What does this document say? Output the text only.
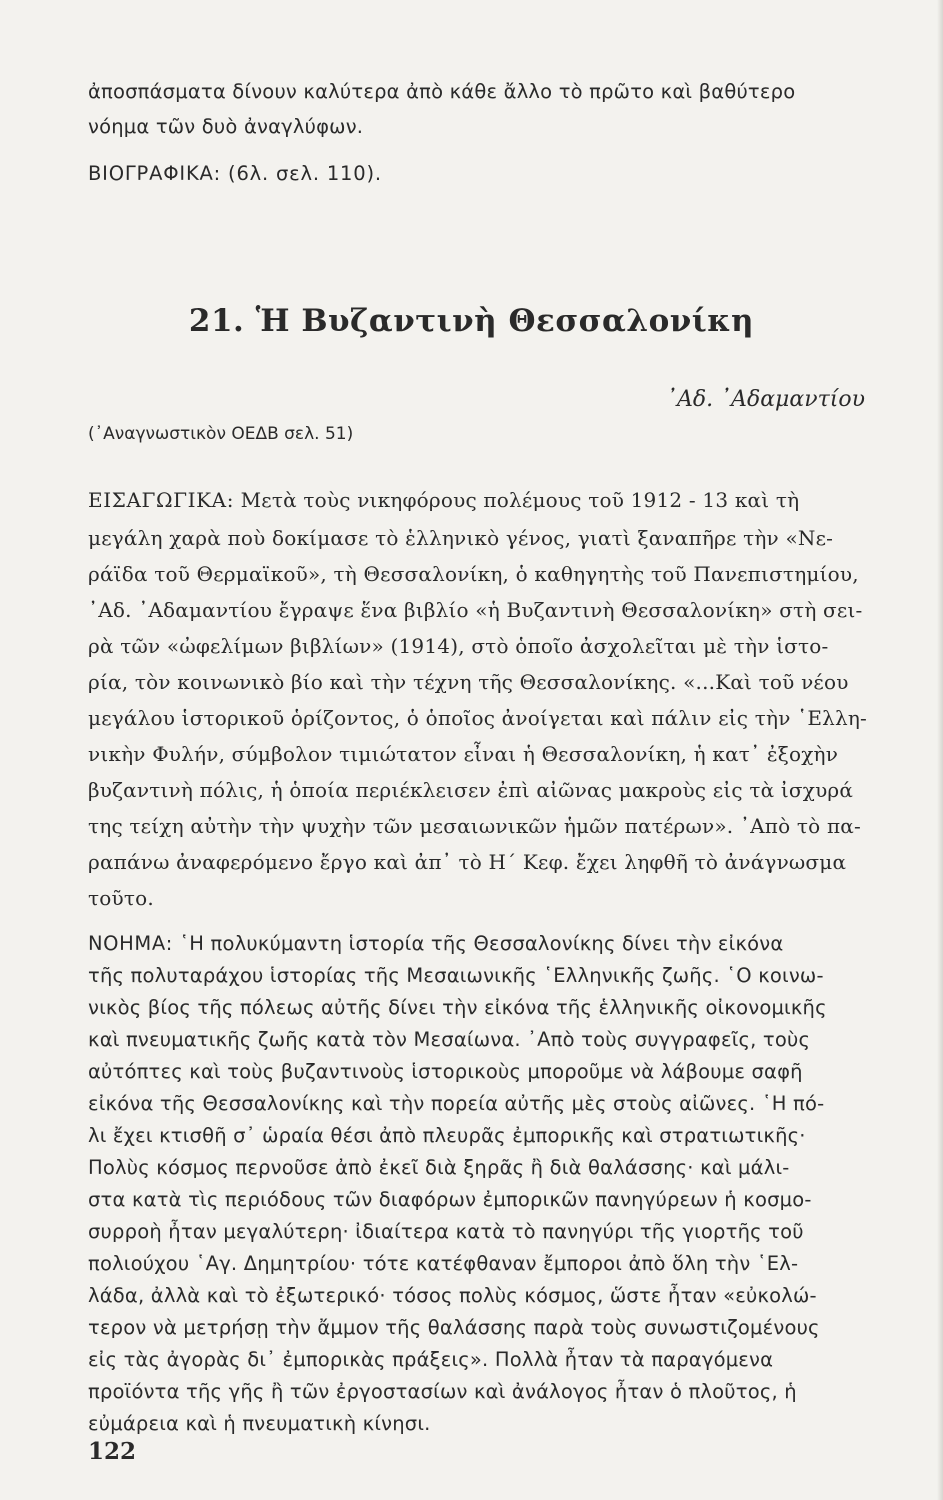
ἀποσπάσματα δίνουν καλύτερα ἀπὸ κάθε ἄλλο τὸ πρῶτο καὶ βαθύτερο
νόημα τῶν δυὸ ἀναγλύφων.
ΒΙΟΓΡΑΦΙΚΑ: (6λ. σελ. 110).
21. Ἡ Βυζαντινὴ Θεσσαλονίκη
᾿Αδ. ᾿Αδαμαντίου
(᾿Αναγνωστικὸν ΟΕΔΒ σελ. 51)
ΕΙΣΑΓΩΓΙΚΑ: Μετὰ τοὺς νικηφόρους πολέμους τοῦ 1912 - 13 καὶ τὴ
μεγάλη χαρὰ ποὺ δοκίμασε τὸ ἑλληνικὸ γένος, γιατὶ ξαναπῆρε τὴν «Νε-
ράϊδα τοῦ Θερμαϊκοῦ», τὴ Θεσσαλονίκη, ὁ καθηγητὴς τοῦ Πανεπιστημίου,
᾿Αδ. ᾿Αδαμαντίου ἔγραψε ἕνα βιβλίο «ἡ Βυζαντινὴ Θεσσαλονίκη» στὴ σει-
ρὰ τῶν «ὠφελίμων βιβλίων» (1914), στὸ ὁποῖο ἀσχολεῖται μὲ τὴν ἱστο-
ρία, τὸν κοινωνικὸ βίο καὶ τὴν τέχνη τῆς Θεσσαλονίκης. «...Καὶ τοῦ νέου
μεγάλου ἱστορικοῦ ὁρίζοντος, ὁ ὁποῖος ἀνοίγεται καὶ πάλιν εἰς τὴν ῾Ελλη-
νικὴν Φυλήν, σύμβολον τιμιώτατον εἶναι ἡ Θεσσαλονίκη, ἡ κατ᾿ ἐξοχὴν
βυζαντινὴ πόλις, ἡ ὁποία περιέκλεισεν ἐπὶ αἰῶνας μακροὺς εἰς τὰ ἰσχυρά
της τείχη αὐτὴν τὴν ψυχὴν τῶν μεσαιωνικῶν ἡμῶν πατέρων». ᾿Απὸ τὸ πα-
ραπάνω ἀναφερόμενο ἔργο καὶ ἀπ᾿ τὸ Η΄ Κεφ. ἔχει ληφθῆ τὸ ἀνάγνωσμα
τοῦτο.
ΝΟΗΜΑ: ῾Η πολυκύμαντη ἱστορία τῆς Θεσσαλονίκης δίνει τὴν εἰκόνα
τῆς πολυταράχου ἱστορίας τῆς Μεσαιωνικῆς ῾Ελληνικῆς ζωῆς. ῾Ο κοινω-
νικὸς βίος τῆς πόλεως αὐτῆς δίνει τὴν εἰκόνα τῆς ἑλληνικῆς οἰκονομικῆς
καὶ πνευματικῆς ζωῆς κατὰ τὸν Μεσαίωνα. ᾿Απὸ τοὺς συγγραφεῖς, τοὺς
αὐτόπτες καὶ τοὺς βυζαντινοὺς ἱστορικοὺς μποροῦμε νὰ λάβουμε σαφῆ
εἰκόνα τῆς Θεσσαλονίκης καὶ τὴν πορεία αὐτῆς μὲς στοὺς αἰῶνες. ῾Η πό-
λι ἔχει κτισθῆ σ᾿ ὡραία θέσι ἀπὸ πλευρᾶς ἐμπορικῆς καὶ στρατιωτικῆς·
Πολὺς κόσμος περνοῦσε ἀπὸ ἐκεῖ διὰ ξηρᾶς ἢ διὰ θαλάσσης· καὶ μάλι-
στα κατὰ τὶς περιόδους τῶν διαφόρων ἐμπορικῶν πανηγύρεων ἡ κοσμο-
συρροὴ ἦταν μεγαλύτερη· ἰδιαίτερα κατὰ τὸ πανηγύρι τῆς γιορτῆς τοῦ
πολιούχου ῾Αγ. Δημητρίου· τότε κατέφθαναν ἔμποροι ἀπὸ ὅλη τὴν ῾Ελ-
λάδα, ἀλλὰ καὶ τὸ ἐξωτερικό· τόσος πολὺς κόσμος, ὥστε ἦταν «εὐκολώ-
τερον νὰ μετρήσῃ τὴν ἄμμον τῆς θαλάσσης παρὰ τοὺς συνωστιζομένους
εἰς τὰς ἀγορὰς δι᾿ ἐμπορικὰς πράξεις». Πολλὰ ἦταν τὰ παραγόμενα
προϊόντα τῆς γῆς ἢ τῶν ἐργοστασίων καὶ ἀνάλογος ἦταν ὁ πλοῦτος, ἡ
εὐμάρεια καὶ ἡ πνευματικὴ κίνησι.
122
